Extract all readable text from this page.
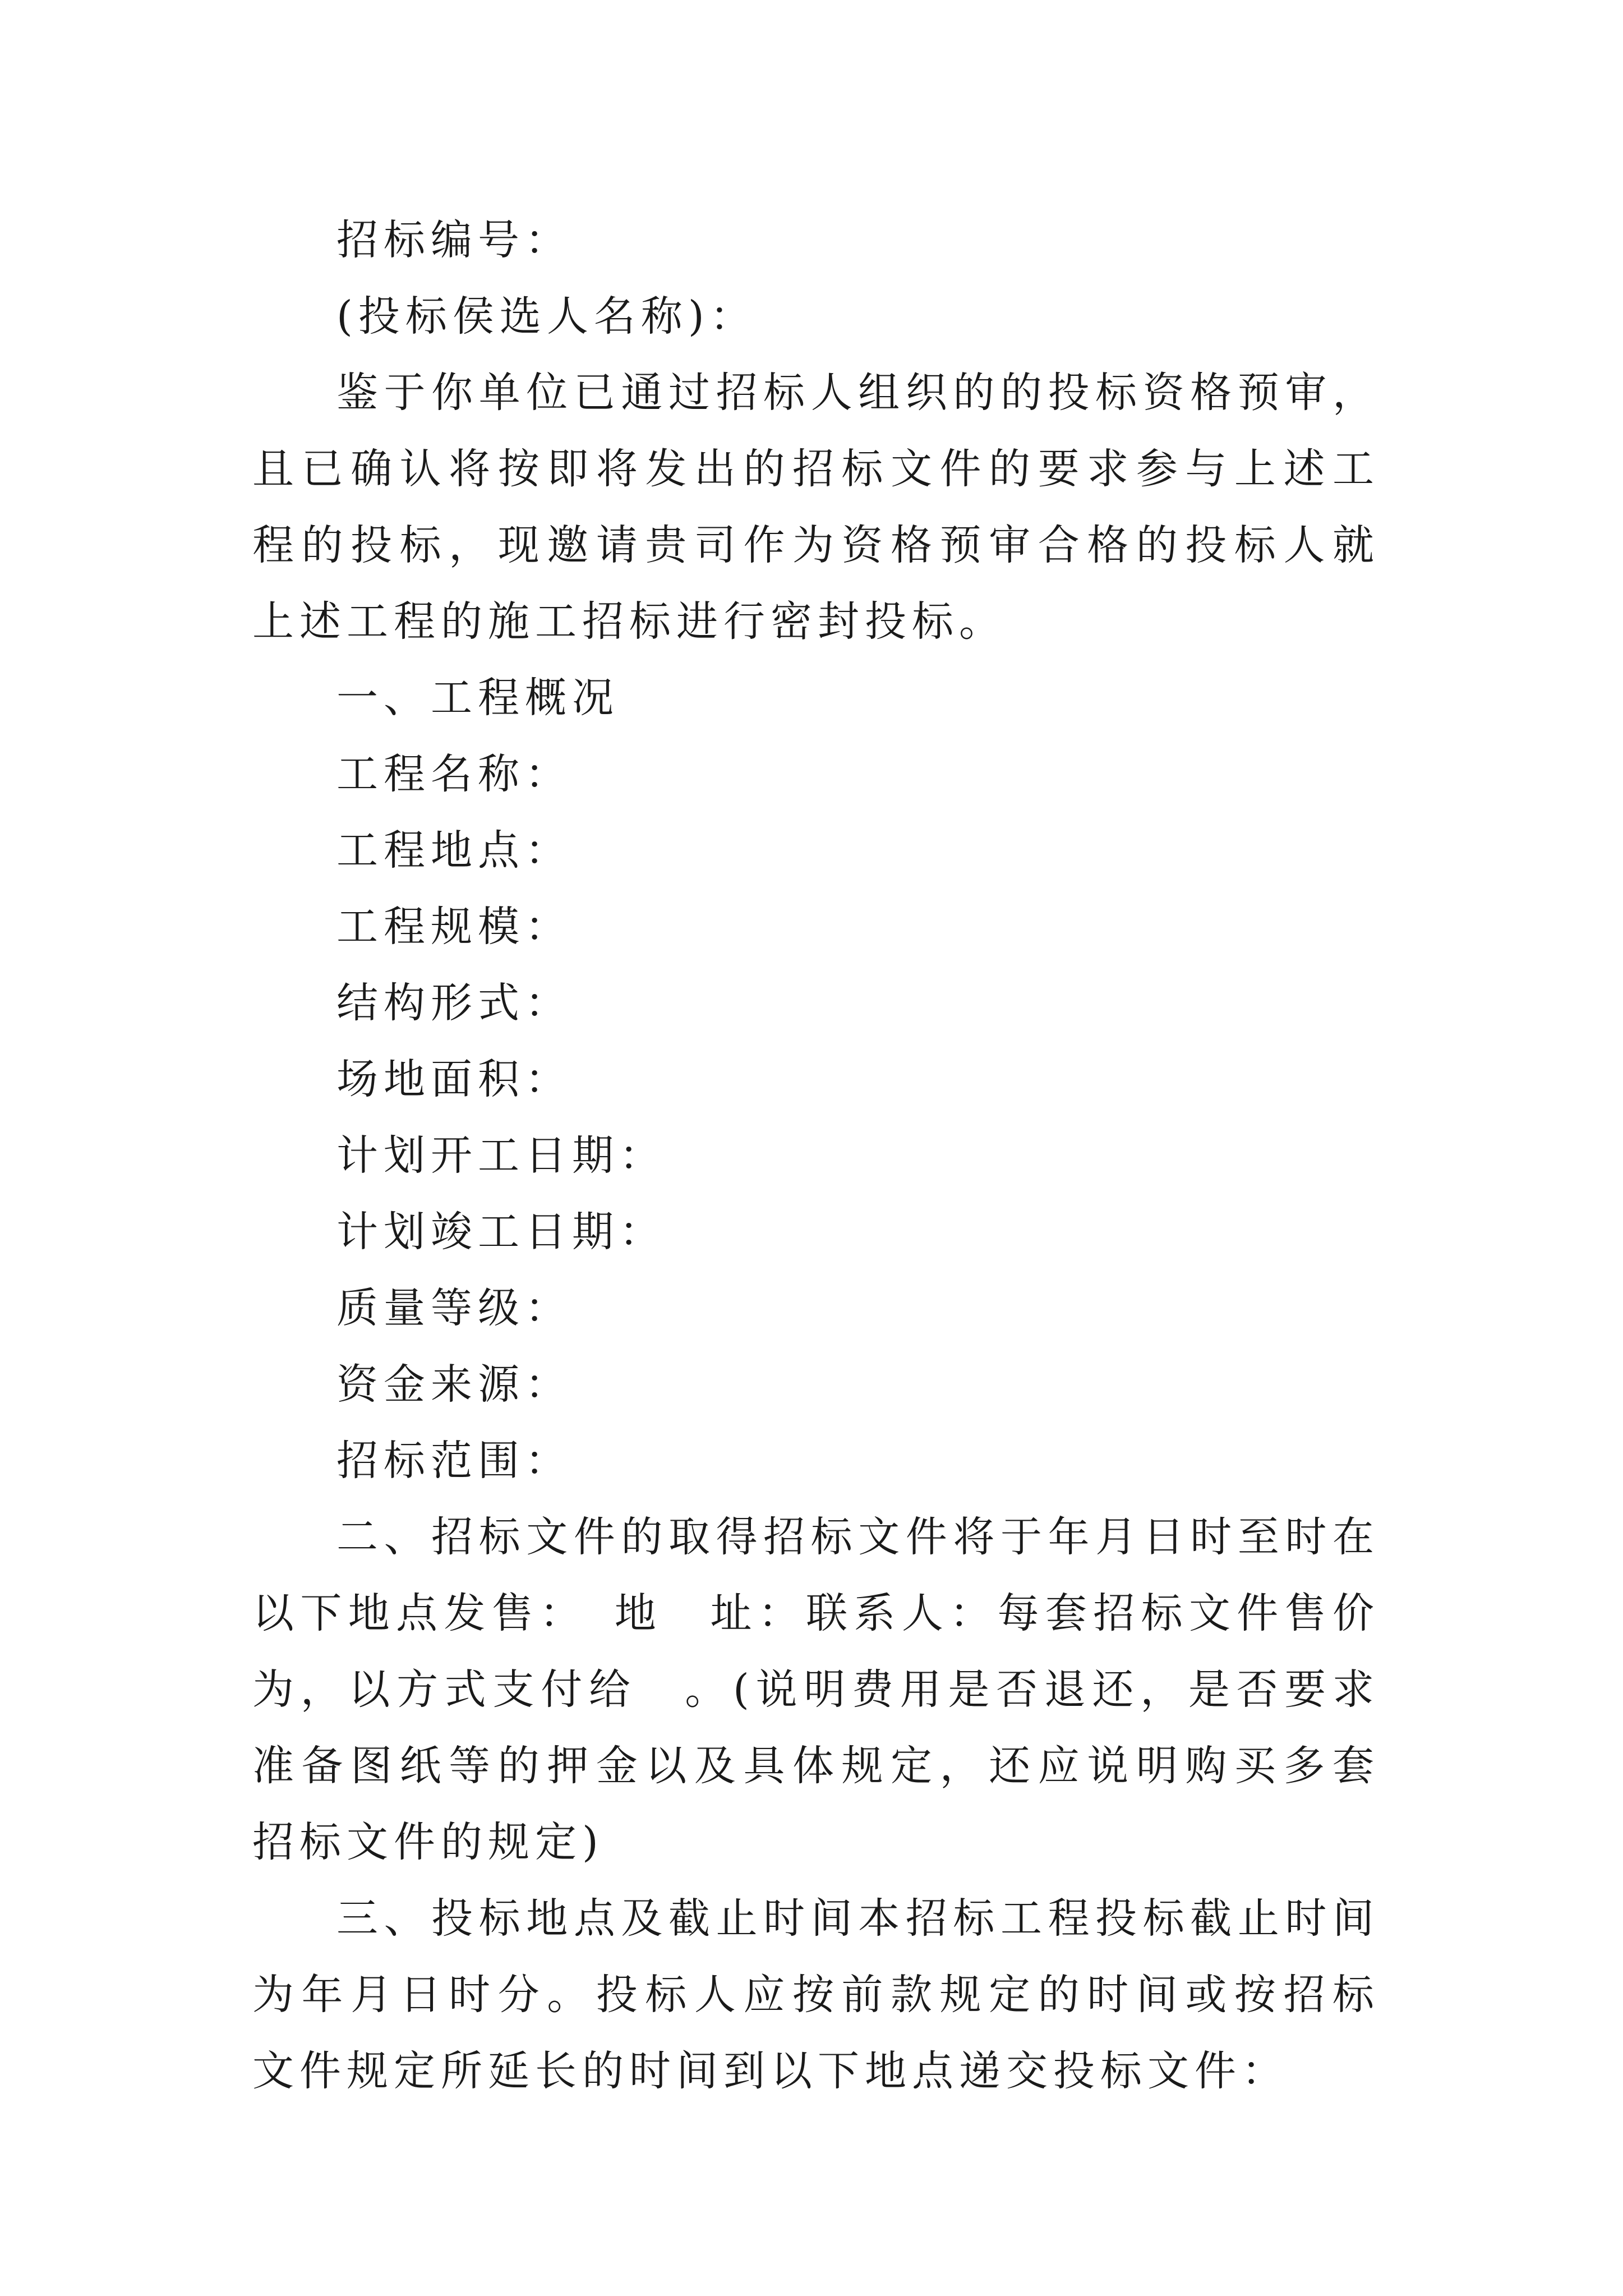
招标编号：

(投标侯选人名称)：

鉴于你单位已通过招标人组织的的投标资格预审，且已确认将按即将发出的招标文件的要求参与上述工程的投标，现邀请贵司作为资格预审合格的投标人就上述工程的施工招标进行密封投标。

一、工程概况

工程名称：

工程地点：

工程规模：

结构形式：

场地面积：

计划开工日期：

计划竣工日期：

质量等级：

资金来源：

招标范围：

二、招标文件的取得招标文件将于年月日时至时在以下地点发售：　地　址：联系人：每套招标文件售价为，以方式支付给　。(说明费用是否退还，是否要求准备图纸等的押金以及具体规定，还应说明购买多套招标文件的规定)

三、投标地点及截止时间本招标工程投标截止时间为年月日时分。投标人应按前款规定的时间或按招标文件规定所延长的时间到以下地点递交投标文件：
